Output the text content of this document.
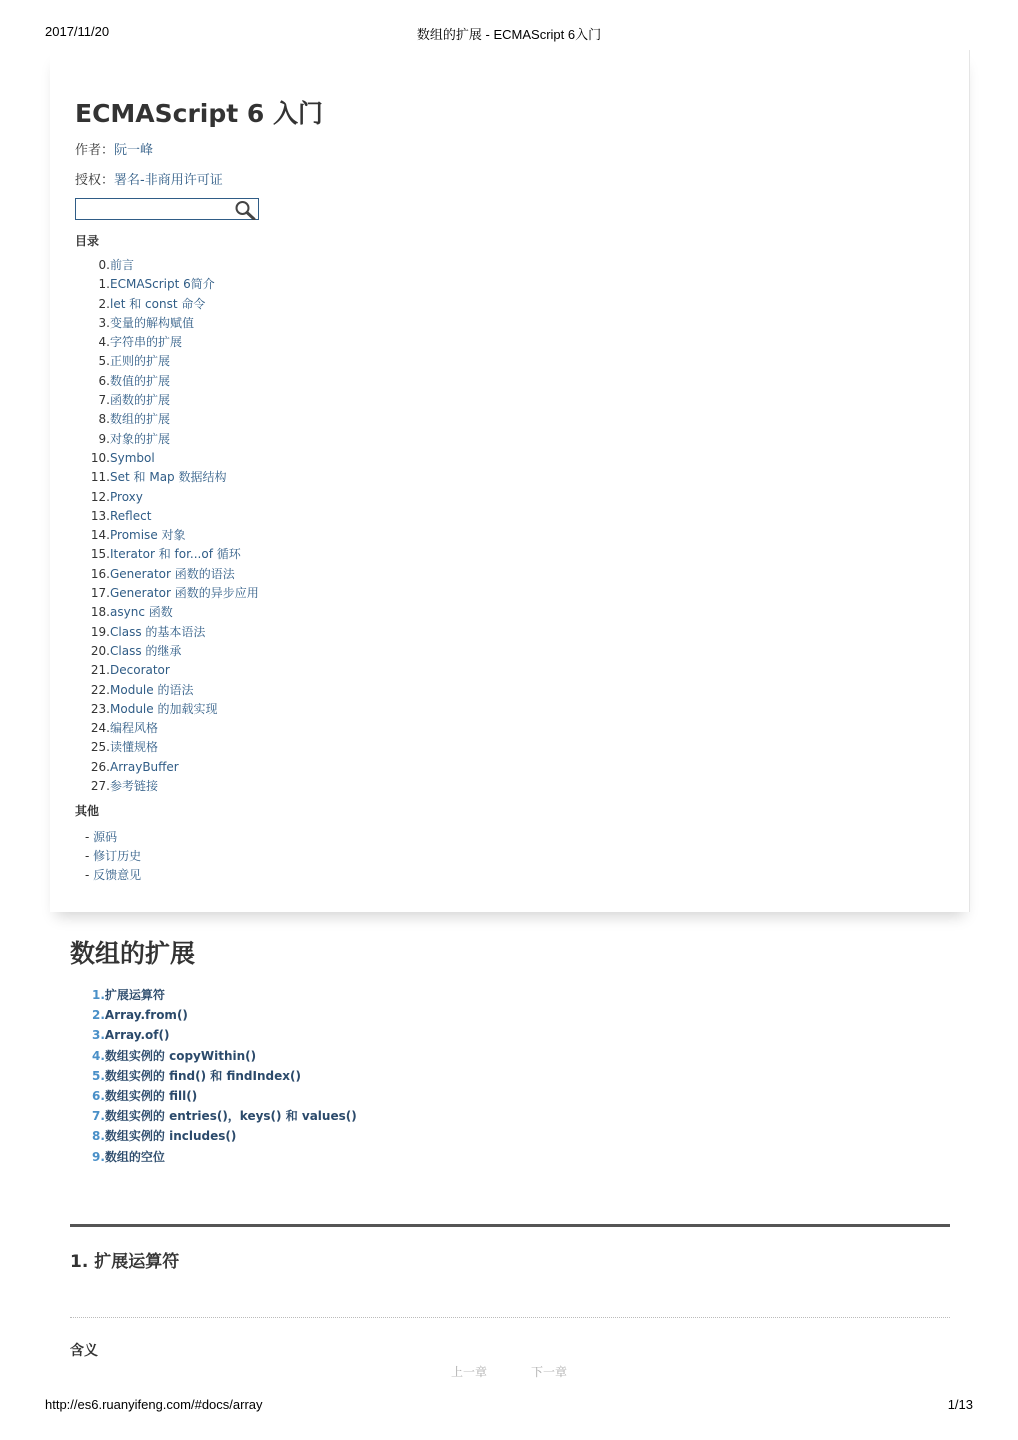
2017/11/20	数组的扩展 - ECMAScript 6入门
ECMAScript 6 入门
作者：阮一峰
授权：署名-非商用许可证
目录
0.前言
1.ECMAScript 6简介
2.let 和 const 命令
3.变量的解构赋值
4.字符串的扩展
5.正则的扩展
6.数值的扩展
7.函数的扩展
8.数组的扩展
9.对象的扩展
10.Symbol
11.Set 和 Map 数据结构
12.Proxy
13.Reflect
14.Promise 对象
15.Iterator 和 for...of 循环
16.Generator 函数的语法
17.Generator 函数的异步应用
18.async 函数
19.Class 的基本语法
20.Class 的继承
21.Decorator
22.Module 的语法
23.Module 的加载实现
24.编程风格
25.读懂规格
26.ArrayBuffer
27.参考链接
其他
- 源码
- 修订历史
- 反馈意见
数组的扩展
1.扩展运算符
2.Array.from()
3.Array.of()
4.数组实例的 copyWithin()
5.数组实例的 find() 和 findIndex()
6.数组实例的 fill()
7.数组实例的 entries()，keys() 和 values()
8.数组实例的 includes()
9.数组的空位
1. 扩展运算符
含义
上一章	下一章
http://es6.ruanyifeng.com/#docs/array	1/13
